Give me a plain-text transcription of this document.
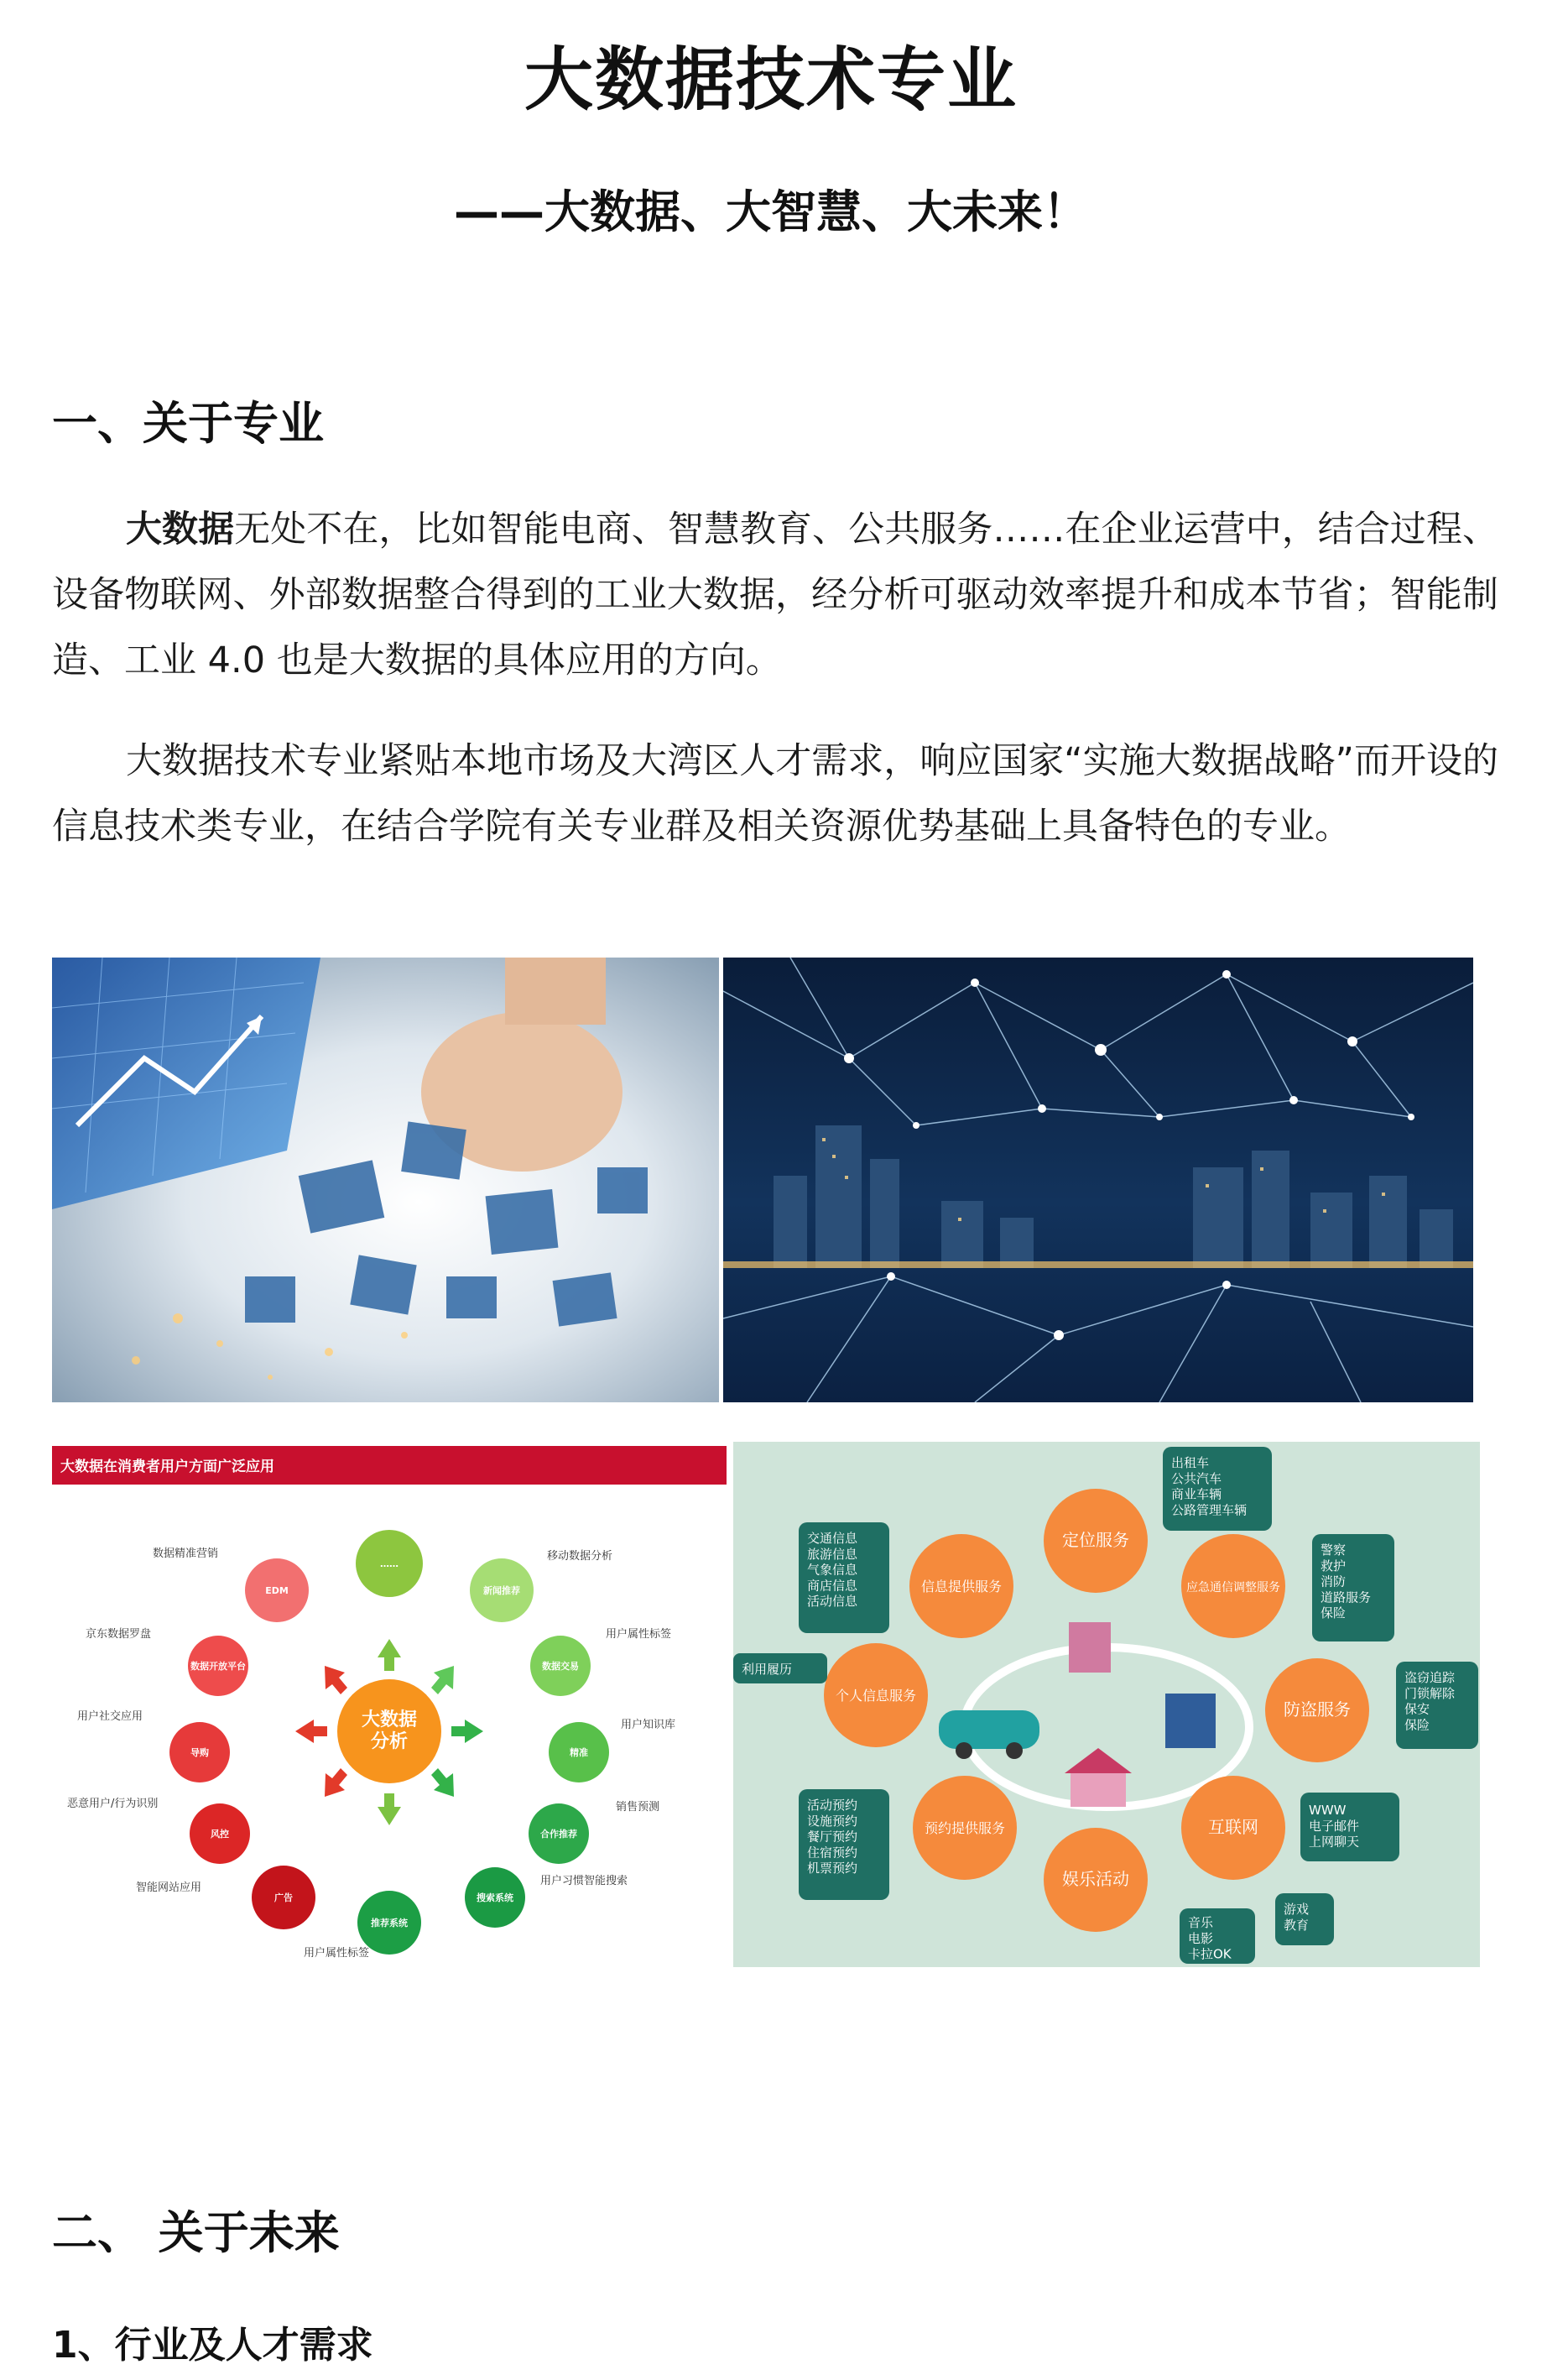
大数据技术专业
——大数据、大智慧、大未来！
一、关于专业

大数据无处不在，比如智能电商、智慧教育、公共服务……在企业运营中，结合过程、设备物联网、外部数据整合得到的工业大数据，经分析可驱动效率提升和成本节省；智能制造、工业 4.0 也是大数据的具体应用的方向。

大数据技术专业紧贴本地市场及大湾区人才需求，响应国家“实施大数据战略”而开设的信息技术类专业，在结合学院有关专业群及相关资源优势基础上具备特色的专业。

大数据在消费者用户方面广泛应用
大数据分析
……
新闻推荐
数据交易
精准
合作推荐
搜索系统
推荐系统
广告
风控
导购
数据开放平台
EDM
数据精准营销	移动数据分析
京东数据罗盘	用户属性标签
用户社交应用
用户知识库
恶意用户/行为识别	销售预测
智能网站应用
用户习惯智能搜索
用户属性标签
定位服务
信息提供服务	应急通信调整服务
个人信息服务
防盗服务
预约提供服务	互联网
娱乐活动
出租车公共汽车商业车辆公路管理车辆
交通信息旅游信息气象信息商店信息活动信息
警察救护消防道路服务保险
利用履历
盗窃追踪门锁解除保安保险
活动预约设施预约餐厅预约住宿预约机票预约
WWW 电子邮件上网聊天
音乐电影卡拉OK
游戏教育
二、 关于未来
1、行业及人才需求
